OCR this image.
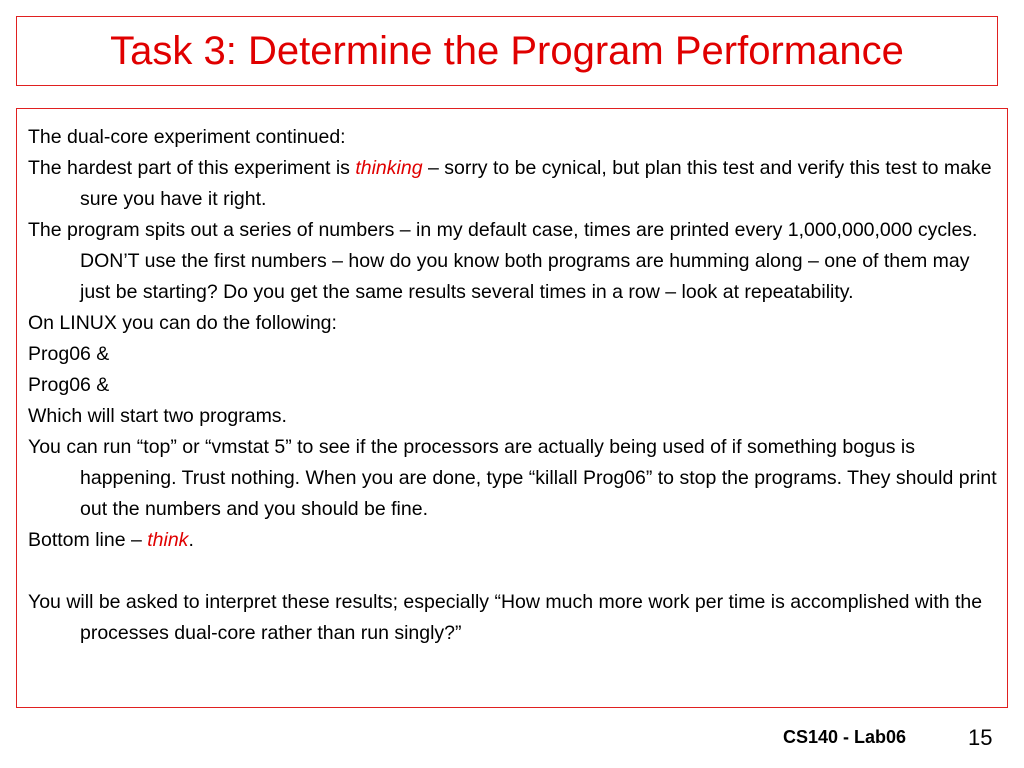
Task 3: Determine the Program Performance

The dual-core experiment continued:

The hardest part of this experiment is thinking – sorry to be cynical, but plan this test and verify this test to make sure you have it right.

The program spits out a series of numbers – in my default case, times are printed every 1,000,000,000 cycles. DON’T use the first numbers – how do you know both programs are humming along – one of them may just be starting? Do you get the same results several times in a row – look at repeatability.

On LINUX you can do the following:

Prog06 &

Prog06 &

Which will start two programs.

You can run “top” or “vmstat 5” to see if the processors are actually being used of if something bogus is happening. Trust nothing. When you are done, type “killall Prog06” to stop the programs. They should print out the numbers and you should be fine.

Bottom line – think.

You will be asked to interpret these results; especially “How much more work per time is accomplished with the processes dual-core rather than run singly?”

CS140 - Lab06	15
